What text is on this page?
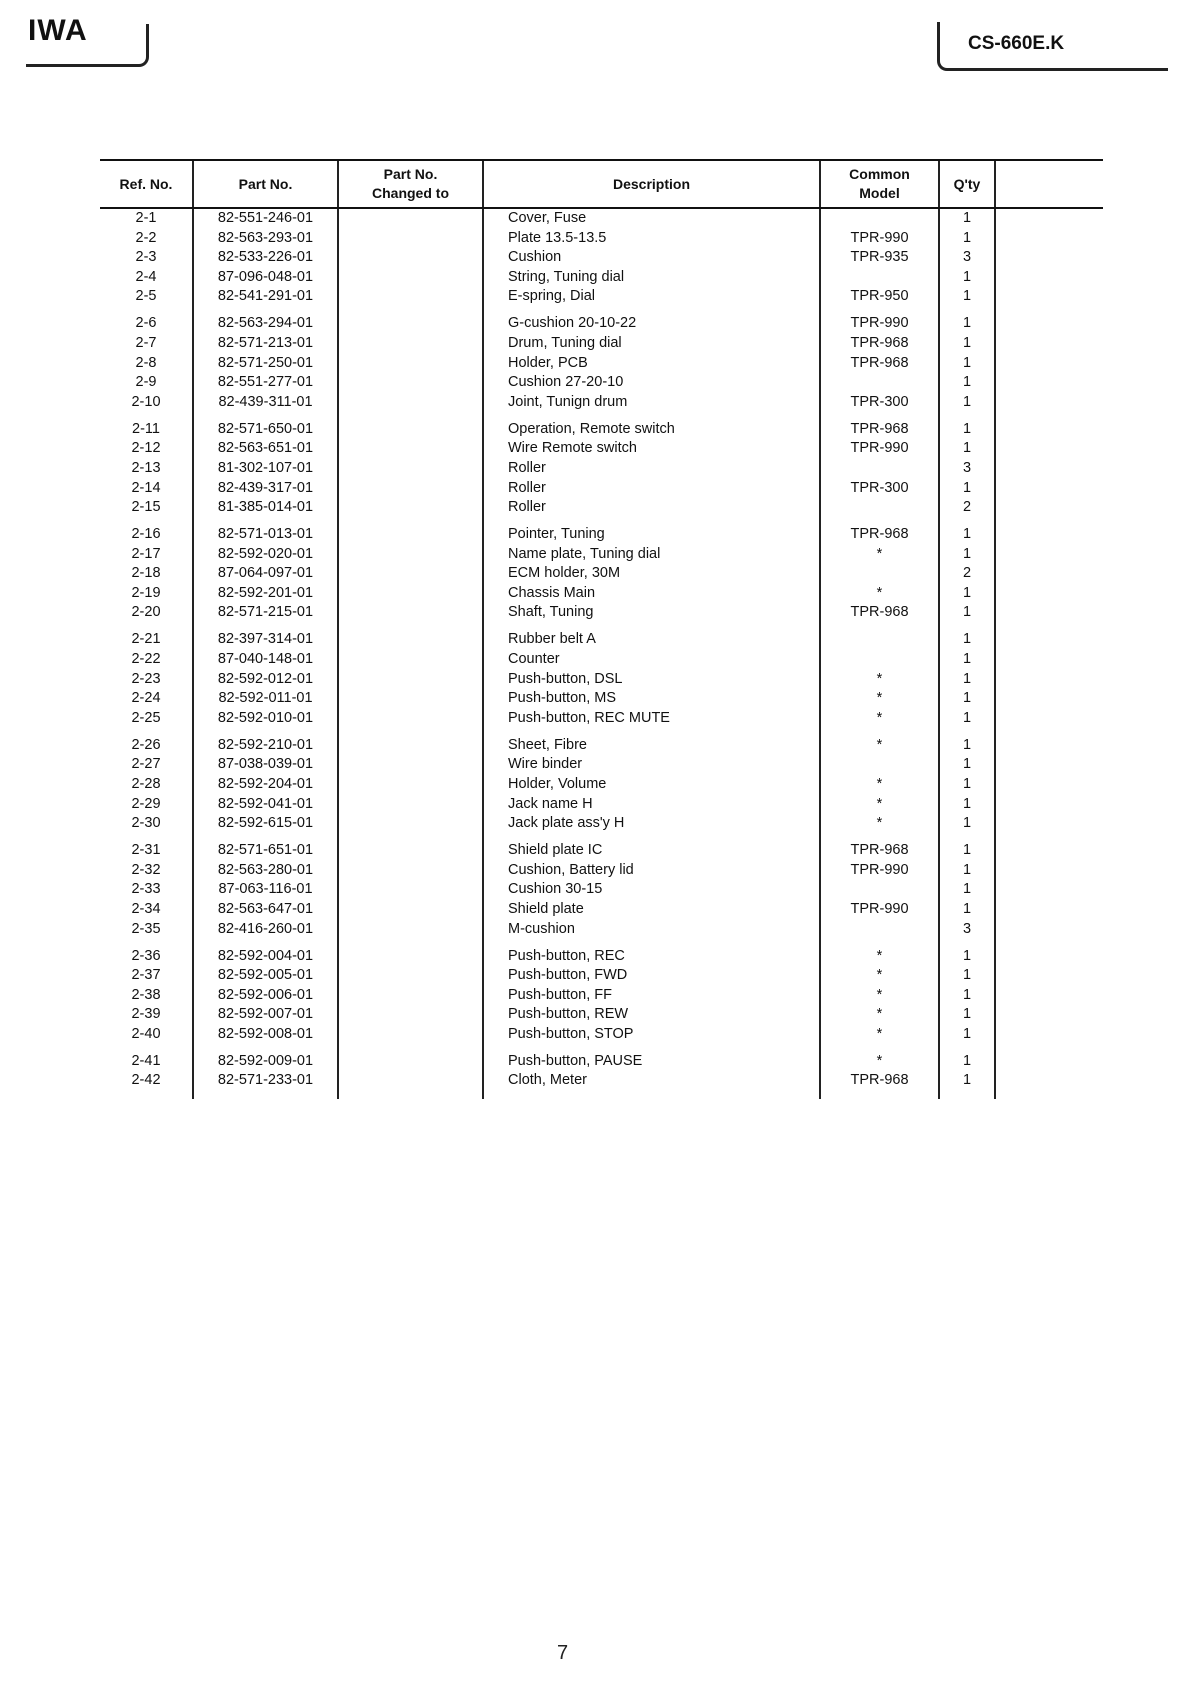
IWA	CS-660E.K
Ref. No.	Part No.	Part No. Changed to	Description	Common Model	Q'ty	
2-1	82-551-246-01		Cover, Fuse		1	
2-2	82-563-293-01		Plate 13.5-13.5	TPR-990	1	
2-3	82-533-226-01		Cushion	TPR-935	3	
2-4	87-096-048-01		String, Tuning dial		1	
2-5	82-541-291-01		E-spring, Dial	TPR-950	1	
2-6	82-563-294-01		G-cushion 20-10-22	TPR-990	1	
2-7	82-571-213-01		Drum, Tuning dial	TPR-968	1	
2-8	82-571-250-01		Holder, PCB	TPR-968	1	
2-9	82-551-277-01		Cushion 27-20-10		1	
2-10	82-439-311-01		Joint, Tunign drum	TPR-300	1	
2-11	82-571-650-01		Operation, Remote switch	TPR-968	1	
2-12	82-563-651-01		Wire Remote switch	TPR-990	1	
2-13	81-302-107-01		Roller		3	
2-14	82-439-317-01		Roller	TPR-300	1	
2-15	81-385-014-01		Roller		2	
2-16	82-571-013-01		Pointer, Tuning	TPR-968	1	
2-17	82-592-020-01		Name plate, Tuning dial	*	1	
2-18	87-064-097-01		ECM holder, 30M		2	
2-19	82-592-201-01		Chassis Main	*	1	
2-20	82-571-215-01		Shaft, Tuning	TPR-968	1	
2-21	82-397-314-01		Rubber belt A		1	
2-22	87-040-148-01		Counter		1	
2-23	82-592-012-01		Push-button, DSL	*	1	
2-24	82-592-011-01		Push-button, MS	*	1	
2-25	82-592-010-01		Push-button, REC MUTE	*	1	
2-26	82-592-210-01		Sheet, Fibre	*	1	
2-27	87-038-039-01		Wire binder		1	
2-28	82-592-204-01		Holder, Volume	*	1	
2-29	82-592-041-01		Jack name H	*	1	
2-30	82-592-615-01		Jack plate ass'y H	*	1	
2-31	82-571-651-01		Shield plate IC	TPR-968	1	
2-32	82-563-280-01		Cushion, Battery lid	TPR-990	1	
2-33	87-063-116-01		Cushion 30-15		1	
2-34	82-563-647-01		Shield plate	TPR-990	1	
2-35	82-416-260-01		M-cushion		3	
2-36	82-592-004-01		Push-button, REC	*	1	
2-37	82-592-005-01		Push-button, FWD	*	1	
2-38	82-592-006-01		Push-button, FF	*	1	
2-39	82-592-007-01		Push-button, REW	*	1	
2-40	82-592-008-01		Push-button, STOP	*	1	
2-41	82-592-009-01		Push-button, PAUSE	*	1	
2-42	82-571-233-01		Cloth, Meter	TPR-968	1	
7
